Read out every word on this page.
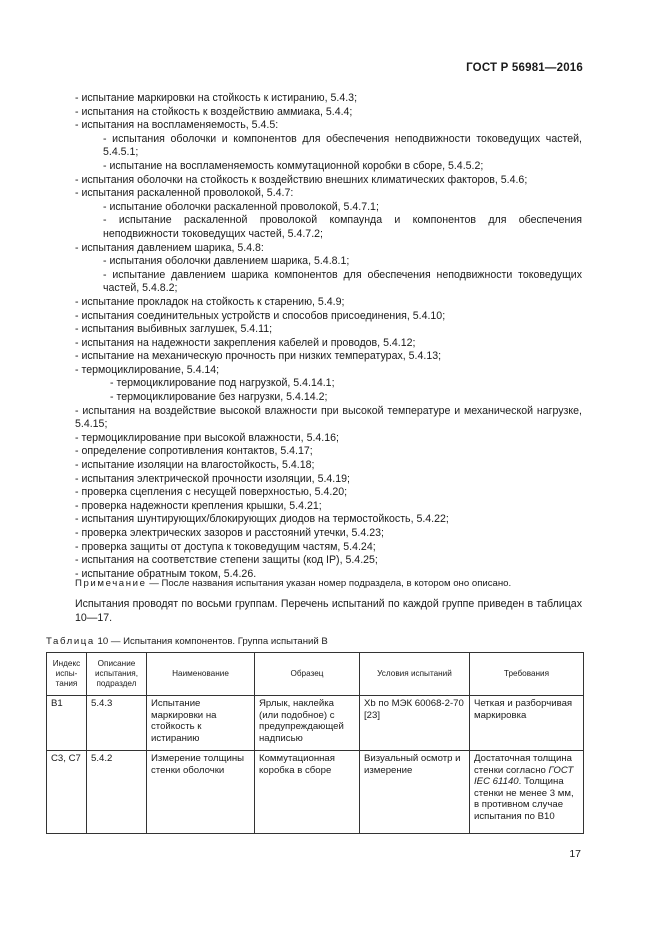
ГОСТ Р 56981—2016
- испытание маркировки на стойкость к истиранию, 5.4.3;
- испытания на стойкость к воздействию аммиака, 5.4.4;
- испытания на воспламеняемость, 5.4.5:
- испытания оболочки и компонентов для обеспечения неподвижности токоведущих частей, 5.4.5.1;
- испытание на воспламеняемость коммутационной коробки в сборе, 5.4.5.2;
- испытания оболочки на стойкость к воздействию внешних климатических факторов, 5.4.6;
- испытания раскаленной проволокой, 5.4.7:
- испытание оболочки раскаленной проволокой, 5.4.7.1;
- испытание раскаленной проволокой компаунда и компонентов для обеспечения неподвижности токоведущих частей, 5.4.7.2;
- испытания давлением шарика, 5.4.8:
- испытания оболочки давлением шарика, 5.4.8.1;
- испытание давлением шарика компонентов для обеспечения неподвижности токоведущих частей, 5.4.8.2;
- испытание прокладок на стойкость к старению, 5.4.9;
- испытания соединительных устройств и способов присоединения, 5.4.10;
- испытания выбивных заглушек, 5.4.11;
- испытания на надежности закрепления кабелей и проводов, 5.4.12;
- испытание на механическую прочность при низких температурах, 5.4.13;
- термоциклирование, 5.4.14;
- термоциклирование под нагрузкой, 5.4.14.1;
- термоциклирование без нагрузки, 5.4.14.2;
- испытания на воздействие высокой влажности при высокой температуре и механической нагрузке, 5.4.15;
- термоциклирование при высокой влажности, 5.4.16;
- определение сопротивления контактов, 5.4.17;
- испытание изоляции на влагостойкость, 5.4.18;
- испытания электрической прочности изоляции, 5.4.19;
- проверка сцепления с несущей поверхностью, 5.4.20;
- проверка надежности крепления крышки, 5.4.21;
- испытания шунтирующих/блокирующих диодов на термостойкость, 5.4.22;
- проверка электрических зазоров и расстояний утечки, 5.4.23;
- проверка защиты от доступа к токоведущим частям, 5.4.24;
- испытания на соответствие степени защиты (код IP), 5.4.25;
- испытание обратным током, 5.4.26.
Примечание — После названия испытания указан номер подраздела, в котором оно описано.
Испытания проводят по восьми группам. Перечень испытаний по каждой группе приведен в таблицах 10—17.
Таблица 10 — Испытания компонентов. Группа испытаний В
Индекс испы-тания	Описание испытания, подраздел	Наименование	Образец	Условия испытаний	Требования
B1	5.4.3	Испытание маркировки на стойкость к истиранию	Ярлык, наклейка (или подобное) с предупреждающей надписью	Xb по МЭК 60068-2-70 [23]	Четкая и разборчивая маркировка
C3, C7	5.4.2	Измерение толщины стенки оболочки	Коммутационная коробка в сборе	Визуальный осмотр и измерение	Достаточная толщина стенки согласно ГОСТ IEC 61140. Толщина стенки не менее 3 мм, в противном случае испытания по B10
17
